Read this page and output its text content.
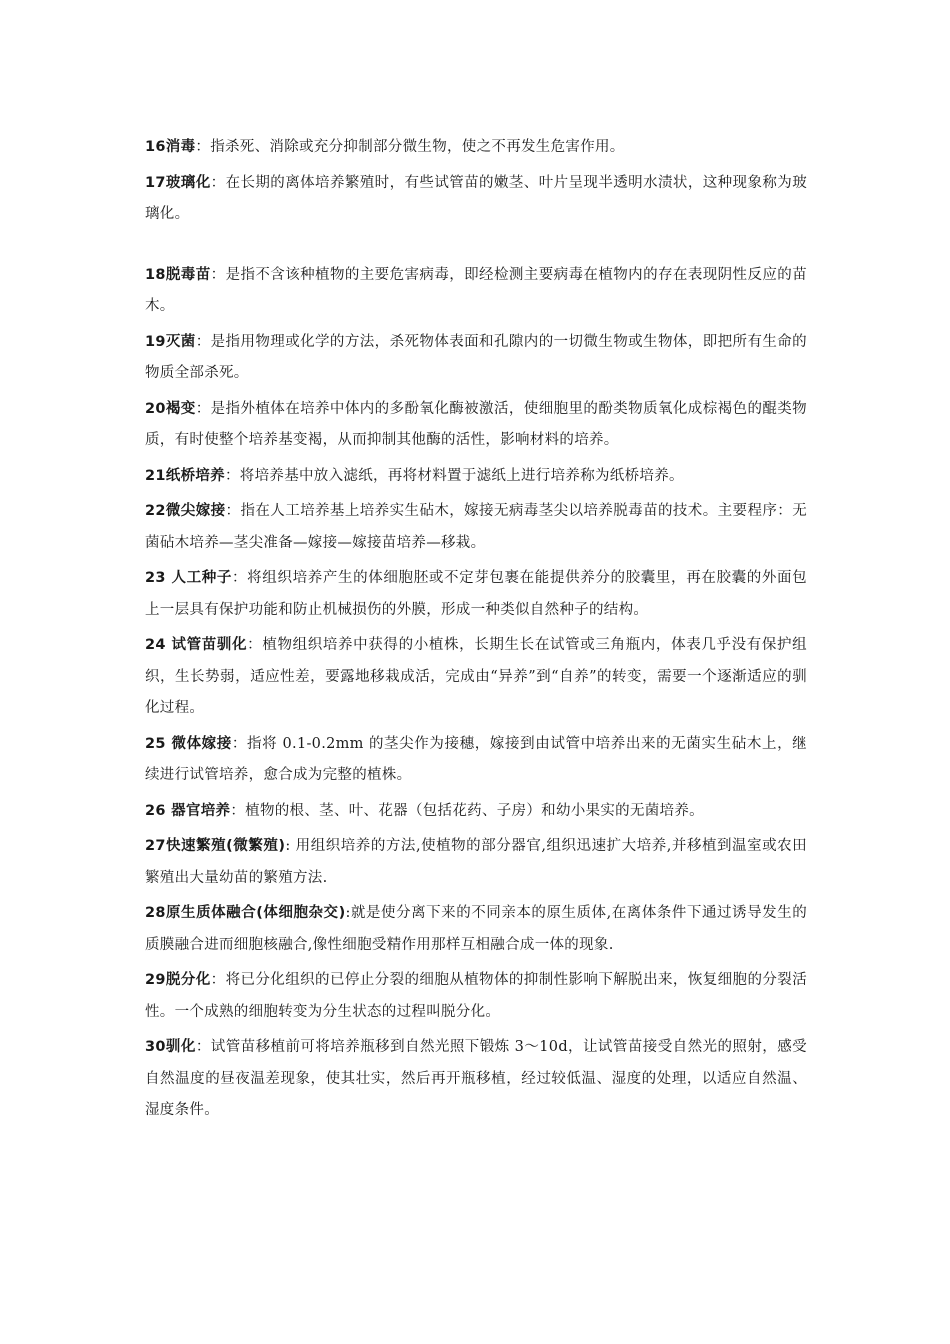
16消毒：指杀死、消除或充分抑制部分微生物，使之不再发生危害作用。

17玻璃化：在长期的离体培养繁殖时，有些试管苗的嫩茎、叶片呈现半透明水渍状，这种现象称为玻璃化。

18脱毒苗：是指不含该种植物的主要危害病毒，即经检测主要病毒在植物内的存在表现阴性反应的苗木。

19灭菌：是指用物理或化学的方法，杀死物体表面和孔隙内的一切微生物或生物体，即把所有生命的物质全部杀死。

20褐变：是指外植体在培养中体内的多酚氧化酶被激活，使细胞里的酚类物质氧化成棕褐色的醌类物质，有时使整个培养基变褐，从而抑制其他酶的活性，影响材料的培养。

21纸桥培养：将培养基中放入滤纸，再将材料置于滤纸上进行培养称为纸桥培养。

22微尖嫁接：指在人工培养基上培养实生砧木，嫁接无病毒茎尖以培养脱毒苗的技术。主要程序：无菌砧木培养—茎尖准备—嫁接—嫁接苗培养—移栽。

23 人工种子：将组织培养产生的体细胞胚或不定芽包裹在能提供养分的胶囊里，再在胶囊的外面包上一层具有保护功能和防止机械损伤的外膜，形成一种类似自然种子的结构。

24 试管苗驯化：植物组织培养中获得的小植株，长期生长在试管或三角瓶内，体表几乎没有保护组织，生长势弱，适应性差，要露地移栽成活，完成由“异养”到“自养”的转变，需要一个逐渐适应的驯化过程。

25 微体嫁接：指将 0.1-0.2mm 的茎尖作为接穗，嫁接到由试管中培养出来的无菌实生砧木上，继续进行试管培养，愈合成为完整的植株。

26 器官培养：植物的根、茎、叶、花器（包括花药、子房）和幼小果实的无菌培养。

27快速繁殖(微繁殖): 用组织培养的方法,使植物的部分器官,组织迅速扩大培养,并移植到温室或农田繁殖出大量幼苗的繁殖方法.

28原生质体融合(体细胞杂交):就是使分离下来的不同亲本的原生质体,在离体条件下通过诱导发生的质膜融合进而细胞核融合,像性细胞受精作用那样互相融合成一体的现象.

29脱分化：将已分化组织的已停止分裂的细胞从植物体的抑制性影响下解脱出来，恢复细胞的分裂活性。一个成熟的细胞转变为分生状态的过程叫脱分化。

30驯化：试管苗移植前可将培养瓶移到自然光照下锻炼 3～10d，让试管苗接受自然光的照射，感受自然温度的昼夜温差现象，使其壮实，然后再开瓶移植，经过较低温、湿度的处理，以适应自然温、湿度条件。
